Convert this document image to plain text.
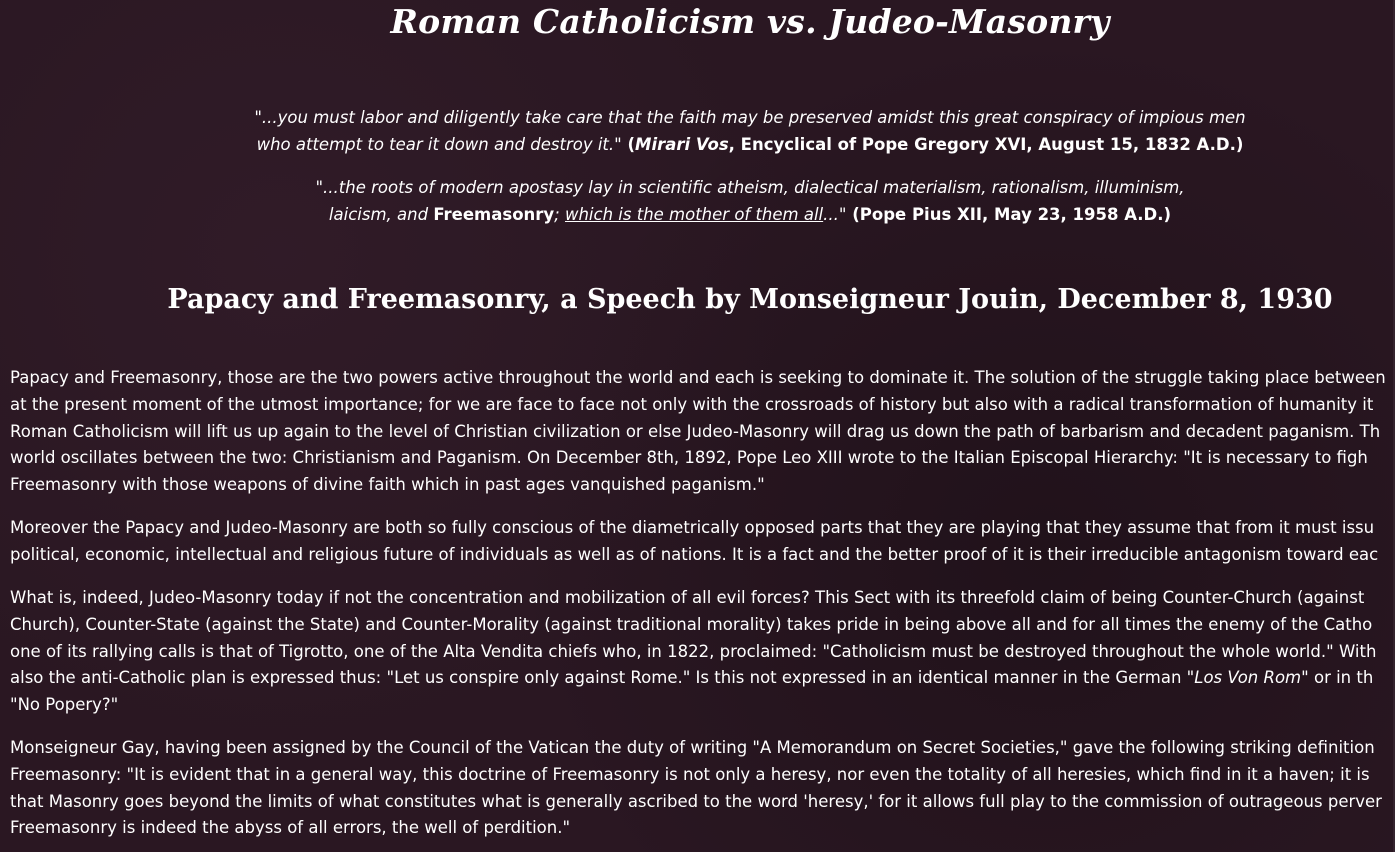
Roman Catholicism vs. Judeo-Masonry

"...you must labor and diligently take care that the faith may be preserved amidst this great conspiracy of impious men
who attempt to tear it down and destroy it." (Mirari Vos, Encyclical of Pope Gregory XVI, August 15, 1832 A.D.)

"...the roots of modern apostasy lay in scientific atheism, dialectical materialism, rationalism, illuminism,
laicism, and Freemasonry; which is the mother of them all..." (Pope Pius XII, May 23, 1958 A.D.)

Papacy and Freemasonry, a Speech by Monseigneur Jouin, December 8, 1930
Papacy and Freemasonry, those are the two powers active throughout the world and each is seeking to dominate it. The solution of the struggle taking place between
at the present moment of the utmost importance; for we are face to face not only with the crossroads of history but also with a radical transformation of humanity it
Roman Catholicism will lift us up again to the level of Christian civilization or else Judeo-Masonry will drag us down the path of barbarism and decadent paganism. Th
world oscillates between the two: Christianism and Paganism. On December 8th, 1892, Pope Leo XIII wrote to the Italian Episcopal Hierarchy: "It is necessary to figh
Freemasonry with those weapons of divine faith which in past ages vanquished paganism."
Moreover the Papacy and Judeo-Masonry are both so fully conscious of the diametrically opposed parts that they are playing that they assume that from it must issu
political, economic, intellectual and religious future of individuals as well as of nations. It is a fact and the better proof of it is their irreducible antagonism toward eac
What is, indeed, Judeo-Masonry today if not the concentration and mobilization of all evil forces? This Sect with its threefold claim of being Counter-Church (against
Church), Counter-State (against the State) and Counter-Morality (against traditional morality) takes pride in being above all and for all times the enemy of the Catho
one of its rallying calls is that of Tigrotto, one of the Alta Vendita chiefs who, in 1822, proclaimed: "Catholicism must be destroyed throughout the whole world." With
also the anti-Catholic plan is expressed thus: "Let us conspire only against Rome." Is this not expressed in an identical manner in the German "Los Von Rom" or in th
"No Popery?"
Monseigneur Gay, having been assigned by the Council of the Vatican the duty of writing "A Memorandum on Secret Societies," gave the following striking definition
Freemasonry: "It is evident that in a general way, this doctrine of Freemasonry is not only a heresy, nor even the totality of all heresies, which find in it a haven; it is
that Masonry goes beyond the limits of what constitutes what is generally ascribed to the word 'heresy,' for it allows full play to the commission of outrageous perver
Freemasonry is indeed the abyss of all errors, the well of perdition."
